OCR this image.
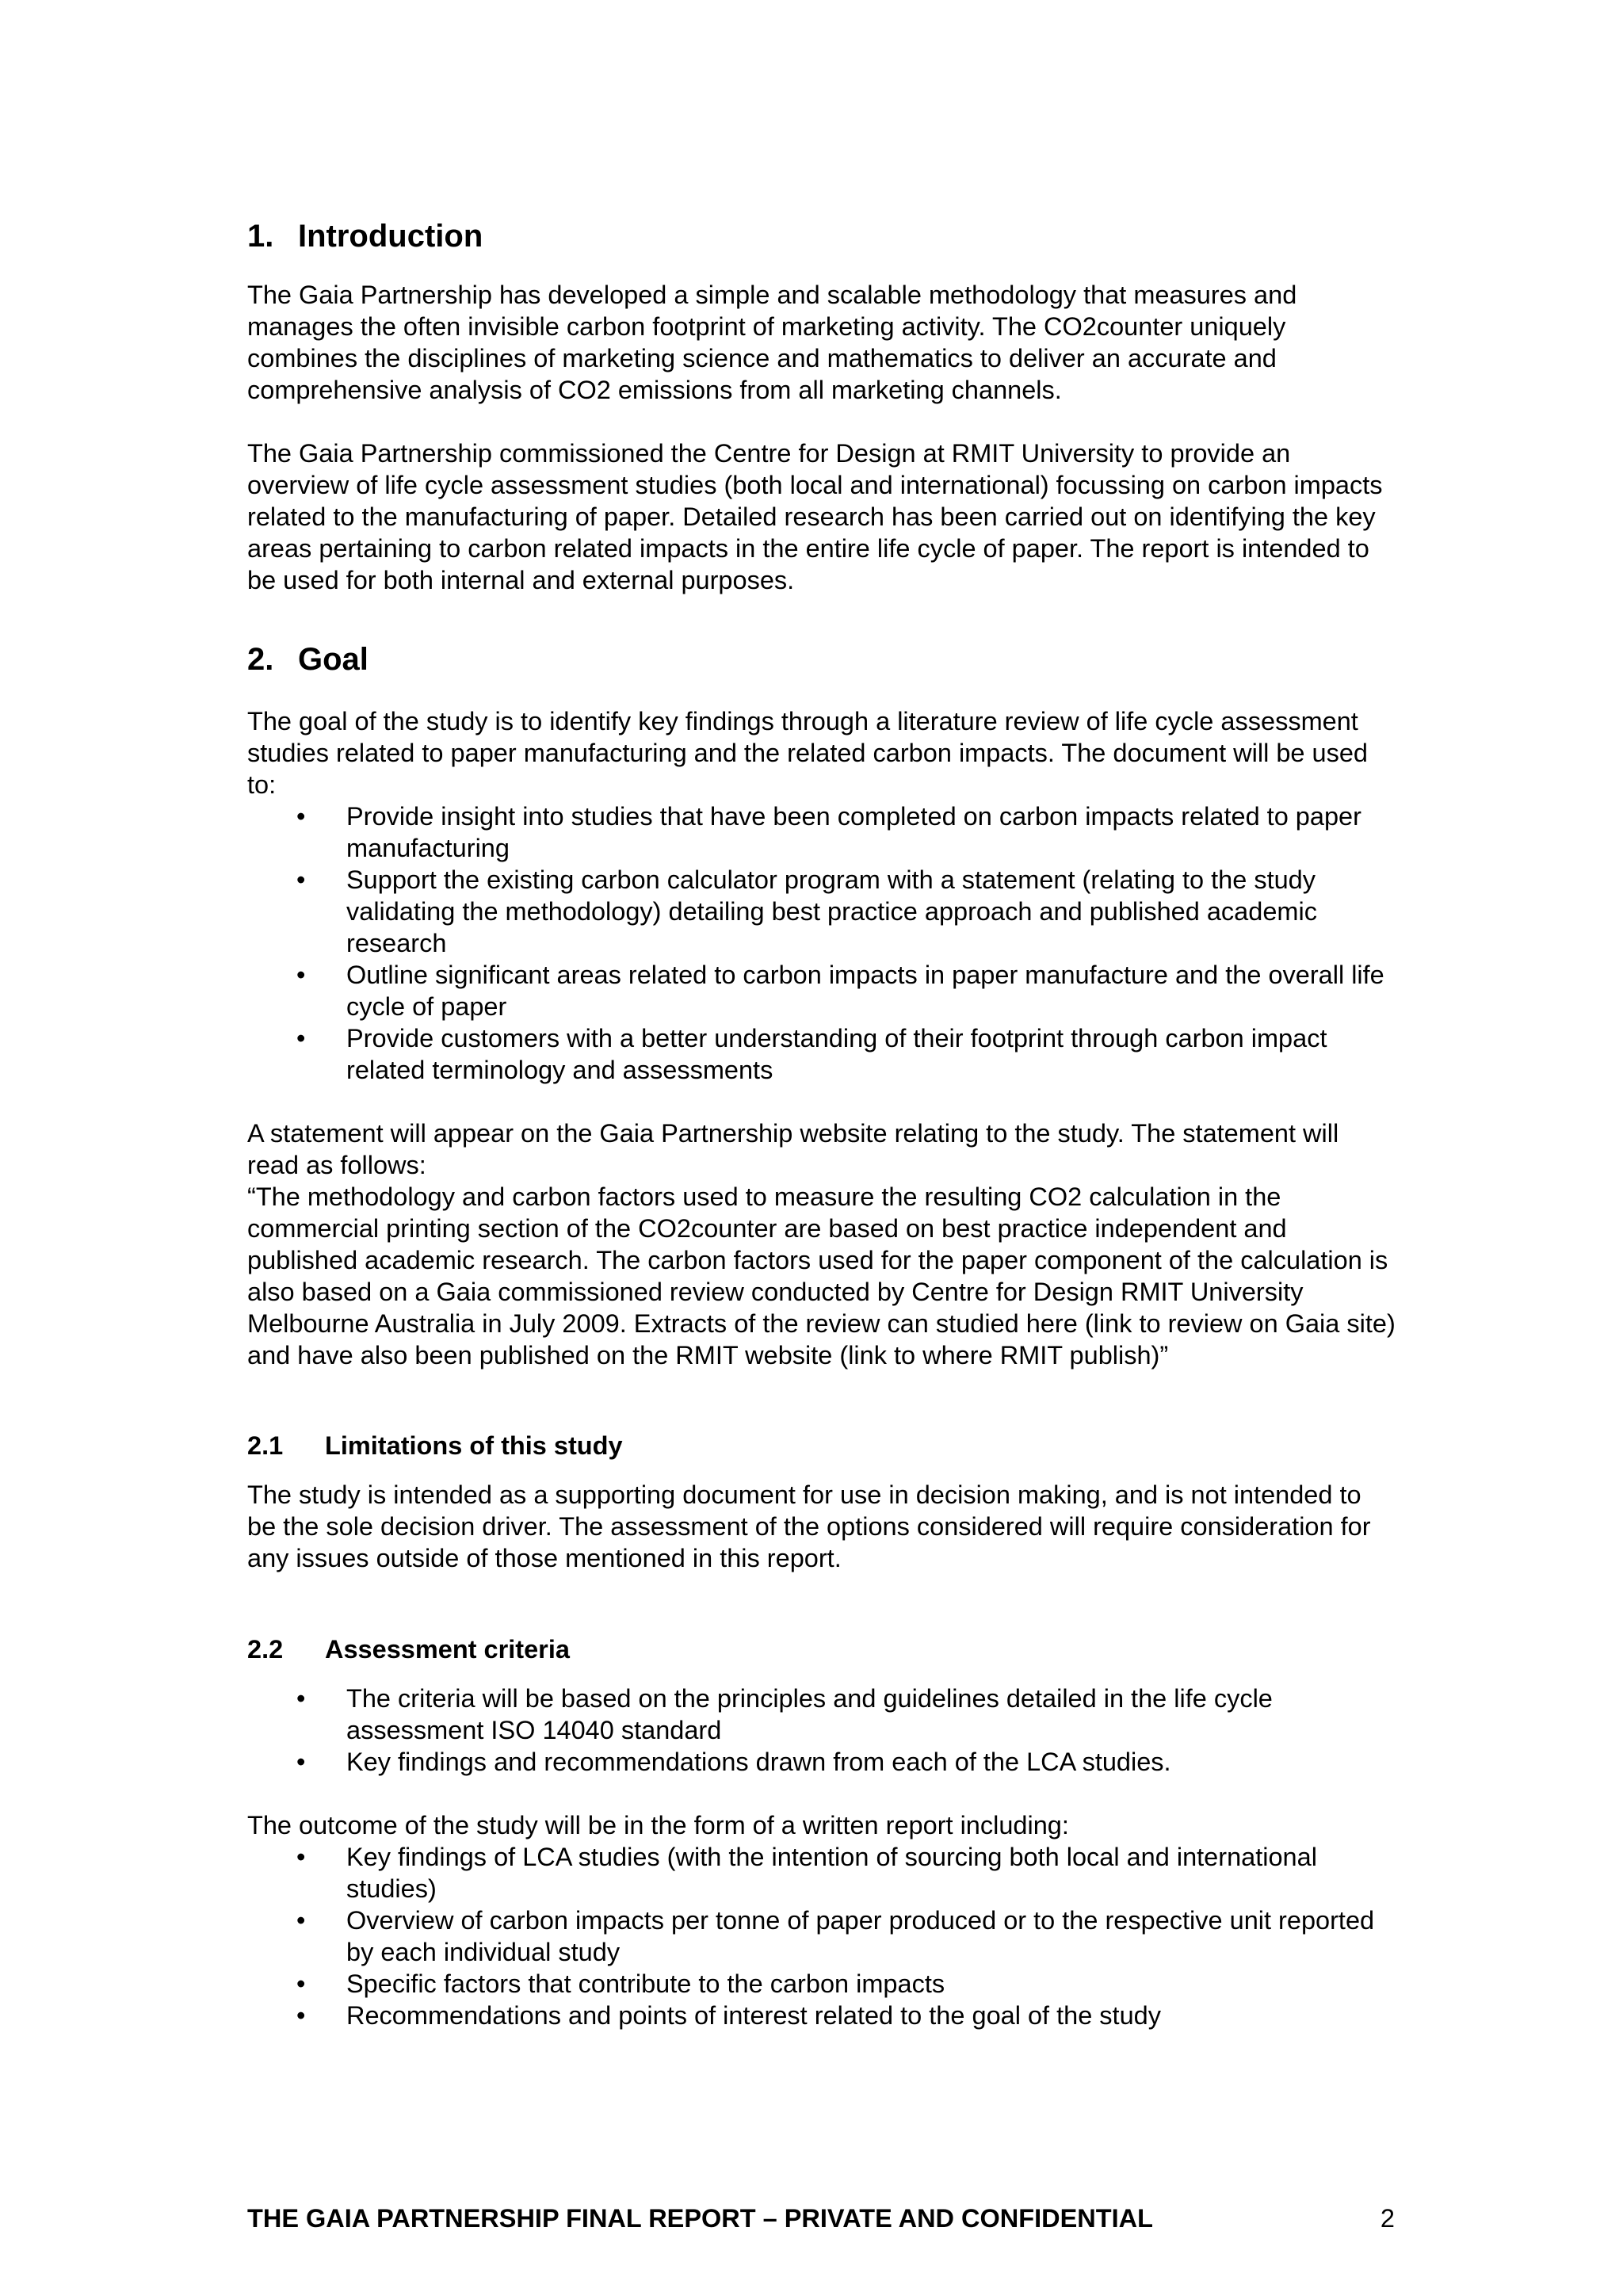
1. Introduction

The Gaia Partnership has developed a simple and scalable methodology that measures and manages the often invisible carbon footprint of marketing activity. The CO2counter uniquely combines the disciplines of marketing science and mathematics to deliver an accurate and comprehensive analysis of CO2 emissions from all marketing channels.

The Gaia Partnership commissioned the Centre for Design at RMIT University to provide an overview of life cycle assessment studies (both local and international) focussing on carbon impacts related to the manufacturing of paper. Detailed research has been carried out on identifying the key areas pertaining to carbon related impacts in the entire life cycle of paper. The report is intended to be used for both internal and external purposes.

2. Goal

The goal of the study is to identify key findings through a literature review of life cycle assessment studies related to paper manufacturing and the related carbon impacts. The document will be used to:

• Provide insight into studies that have been completed on carbon impacts related to paper manufacturing
• Support the existing carbon calculator program with a statement (relating to the study validating the methodology) detailing best practice approach and published academic research
• Outline significant areas related to carbon impacts in paper manufacture and the overall life cycle of paper
• Provide customers with a better understanding of their footprint through carbon impact related terminology and assessments

A statement will appear on the Gaia Partnership website relating to the study. The statement will read as follows:

“The methodology and carbon factors used to measure the resulting CO2 calculation in the commercial printing section of the CO2counter are based on best practice independent and published academic research. The carbon factors used for the paper component of the calculation is also based on a Gaia commissioned review conducted by Centre for Design RMIT University Melbourne Australia in July 2009. Extracts of the review can studied here (link to review on Gaia site) and have also been published on the RMIT website (link to where RMIT publish)”

2.1	Limitations of this study

The study is intended as a supporting document for use in decision making, and is not intended to be the sole decision driver. The assessment of the options considered will require consideration for any issues outside of those mentioned in this report.

2.2	Assessment criteria
• The criteria will be based on the principles and guidelines detailed in the life cycle assessment ISO 14040 standard
• Key findings and recommendations drawn from each of the LCA studies.

The outcome of the study will be in the form of a written report including:

• Key findings of LCA studies (with the intention of sourcing both local and international studies)
• Overview of carbon impacts per tonne of paper produced or to the respective unit reported by each individual study
• Specific factors that contribute to the carbon impacts
• Recommendations and points of interest related to the goal of the study
THE GAIA PARTNERSHIP FINAL REPORT – PRIVATE AND CONFIDENTIAL	2
